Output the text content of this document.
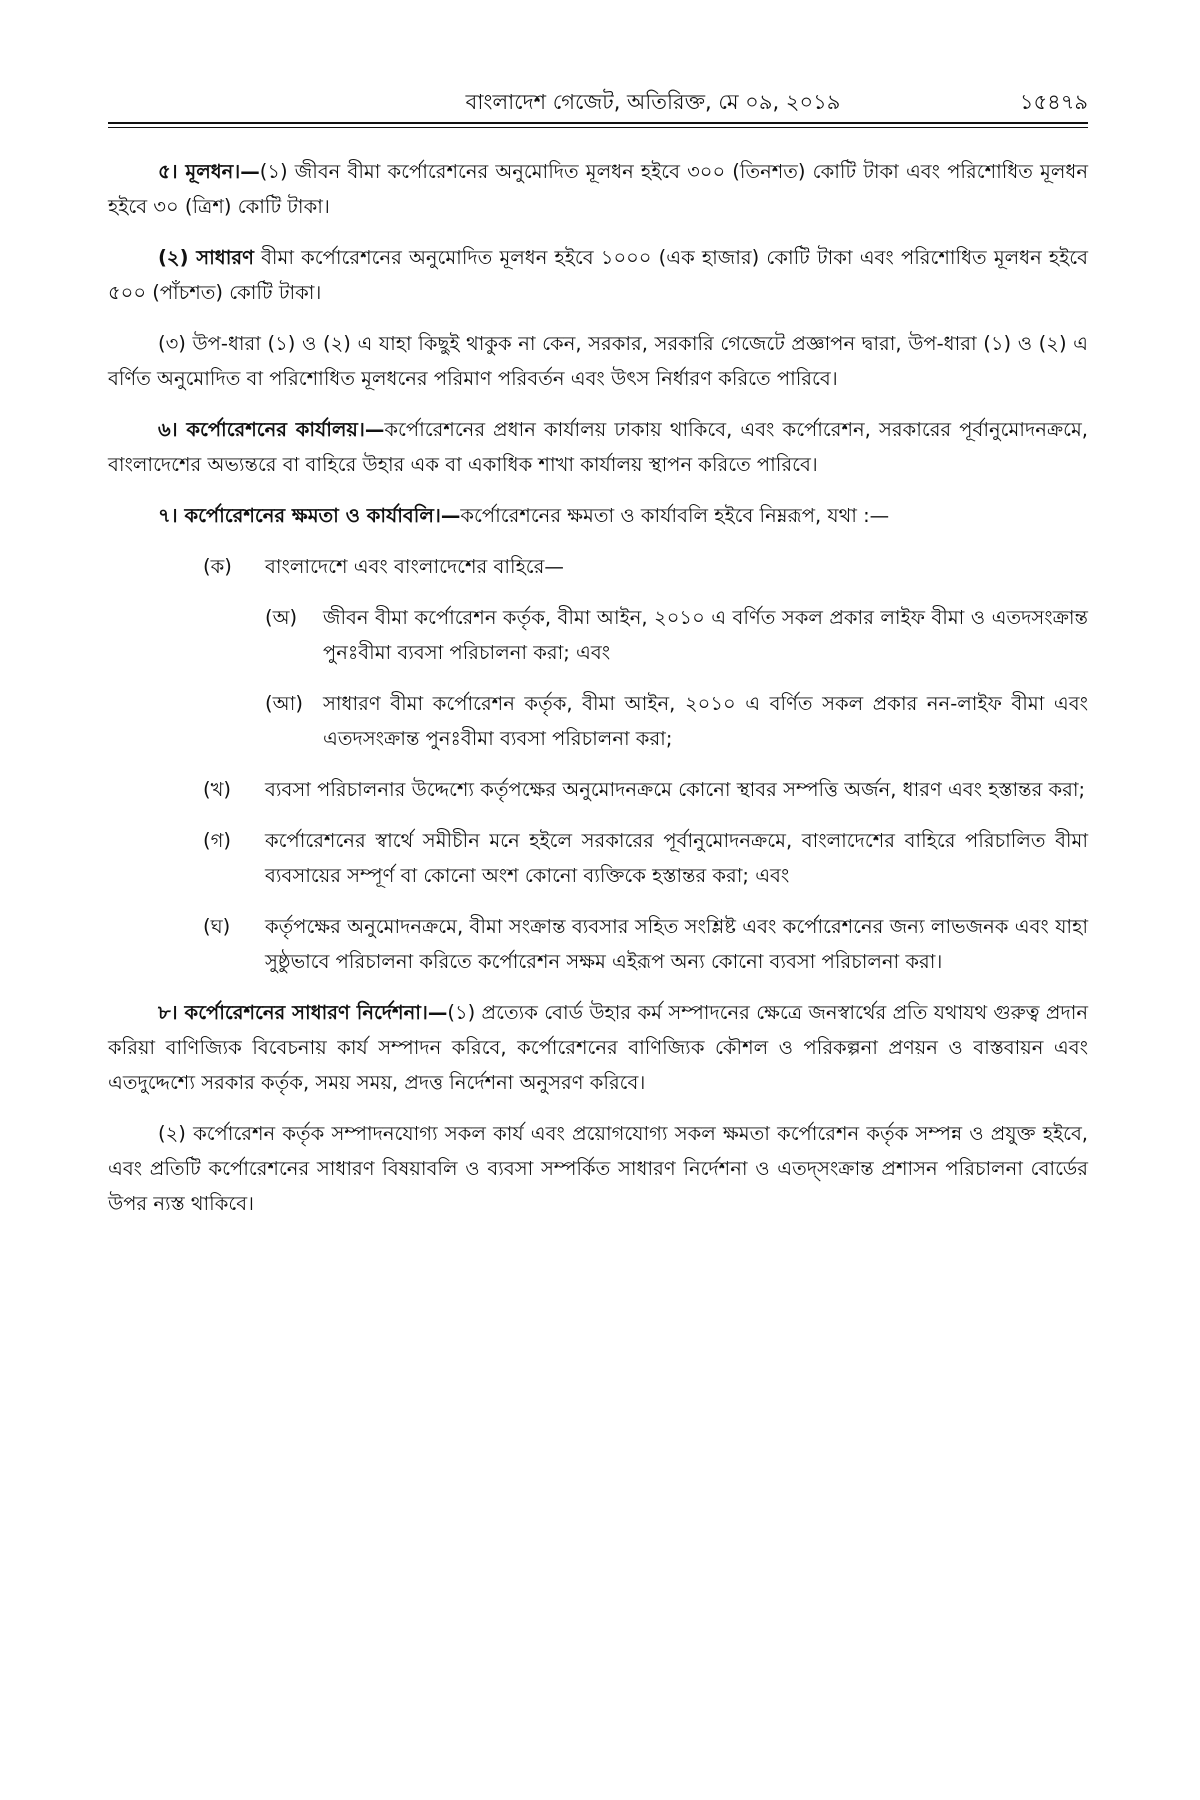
বাংলাদেশ গেজেট, অতিরিক্ত, মে ০৯, ২০১৯	১৫৪৭৯

৫। মূলধন।—(১) জীবন বীমা কর্পোরেশনের অনুমোদিত মূলধন হইবে ৩০০ (তিনশত) কোটি টাকা এবং পরিশোধিত মূলধন হইবে ৩০ (ত্রিশ) কোটি টাকা।

(২) সাধারণ বীমা কর্পোরেশনের অনুমোদিত মূলধন হইবে ১০০০ (এক হাজার) কোটি টাকা এবং পরিশোধিত মূলধন হইবে ৫০০ (পাঁচশত) কোটি টাকা।

(৩) উপ-ধারা (১) ও (২) এ যাহা কিছুই থাকুক না কেন, সরকার, সরকারি গেজেটে প্রজ্ঞাপন দ্বারা, উপ-ধারা (১) ও (২) এ বর্ণিত অনুমোদিত বা পরিশোধিত মূলধনের পরিমাণ পরিবর্তন এবং উৎস নির্ধারণ করিতে পারিবে।

৬। কর্পোরেশনের কার্যালয়।—কর্পোরেশনের প্রধান কার্যালয় ঢাকায় থাকিবে, এবং কর্পোরেশন, সরকারের পূর্বানুমোদনক্রমে, বাংলাদেশের অভ্যন্তরে বা বাহিরে উহার এক বা একাধিক শাখা কার্যালয় স্থাপন করিতে পারিবে।

৭। কর্পোরেশনের ক্ষমতা ও কার্যাবলি।—কর্পোরেশনের ক্ষমতা ও কার্যাবলি হইবে নিম্নরূপ, যথা :—

(ক)	বাংলাদেশে এবং বাংলাদেশের বাহিরে—
(অ)	জীবন বীমা কর্পোরেশন কর্তৃক, বীমা আইন, ২০১০ এ বর্ণিত সকল প্রকার লাইফ বীমা ও এতদসংক্রান্ত পুনঃবীমা ব্যবসা পরিচালনা করা; এবং
(আ)	সাধারণ বীমা কর্পোরেশন কর্তৃক, বীমা আইন, ২০১০ এ বর্ণিত সকল প্রকার নন-লাইফ বীমা এবং এতদসংক্রান্ত পুনঃবীমা ব্যবসা পরিচালনা করা;
(খ)	ব্যবসা পরিচালনার উদ্দেশ্যে কর্তৃপক্ষের অনুমোদনক্রমে কোনো স্থাবর সম্পত্তি অর্জন, ধারণ এবং হস্তান্তর করা;
(গ)	কর্পোরেশনের স্বার্থে সমীচীন মনে হইলে সরকারের পূর্বানুমোদনক্রমে, বাংলাদেশের বাহিরে পরিচালিত বীমা ব্যবসায়ের সম্পূর্ণ বা কোনো অংশ কোনো ব্যক্তিকে হস্তান্তর করা; এবং
(ঘ)	কর্তৃপক্ষের অনুমোদনক্রমে, বীমা সংক্রান্ত ব্যবসার সহিত সংশ্লিষ্ট এবং কর্পোরেশনের জন্য লাভজনক এবং যাহা সুষ্ঠুভাবে পরিচালনা করিতে কর্পোরেশন সক্ষম এইরূপ অন্য কোনো ব্যবসা পরিচালনা করা।

৮। কর্পোরেশনের সাধারণ নির্দেশনা।—(১) প্রত্যেক বোর্ড উহার কর্ম সম্পাদনের ক্ষেত্রে জনস্বার্থের প্রতি যথাযথ গুরুত্ব প্রদান করিয়া বাণিজ্যিক বিবেচনায় কার্য সম্পাদন করিবে, কর্পোরেশনের বাণিজ্যিক কৌশল ও পরিকল্পনা প্রণয়ন ও বাস্তবায়ন এবং এতদুদ্দেশ্যে সরকার কর্তৃক, সময় সময়, প্রদত্ত নির্দেশনা অনুসরণ করিবে।

(২) কর্পোরেশন কর্তৃক সম্পাদনযোগ্য সকল কার্য এবং প্রয়োগযোগ্য সকল ক্ষমতা কর্পোরেশন কর্তৃক সম্পন্ন ও প্রযুক্ত হইবে, এবং প্রতিটি কর্পোরেশনের সাধারণ বিষয়াবলি ও ব্যবসা সম্পর্কিত সাধারণ নির্দেশনা ও এতদ্সংক্রান্ত প্রশাসন পরিচালনা বোর্ডের উপর ন্যস্ত থাকিবে।
